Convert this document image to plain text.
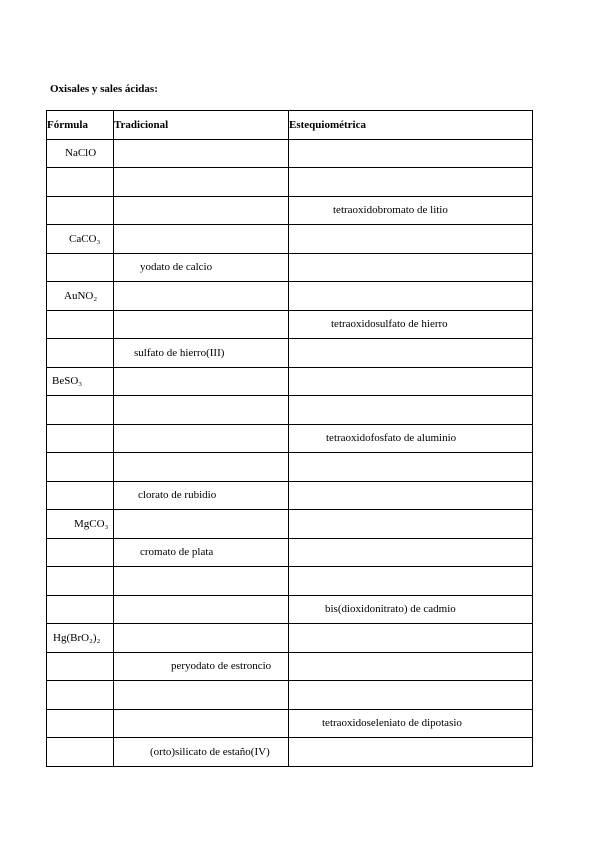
Oxisales y sales ácidas:
Fórmula	Tradicional	Estequiométrica
NaClO		

		tetraoxidobromato de litio
CaCO₃		
	yodato de calcio	
AuNO₂		
		tetraoxidosulfato de hierro
	sulfato de hierro(III)	
BeSO₃		

		tetraoxidofosfato de aluminio

	clorato de rubidio	
MgCO₃		
	cromato de plata	

		bis(dioxidonitrato) de cadmio
Hg(BrO₂)₂		
	peryodato de estroncio	

		tetraoxidoseleniato de dipotasio
	(orto)silicato de estaño(IV)	
